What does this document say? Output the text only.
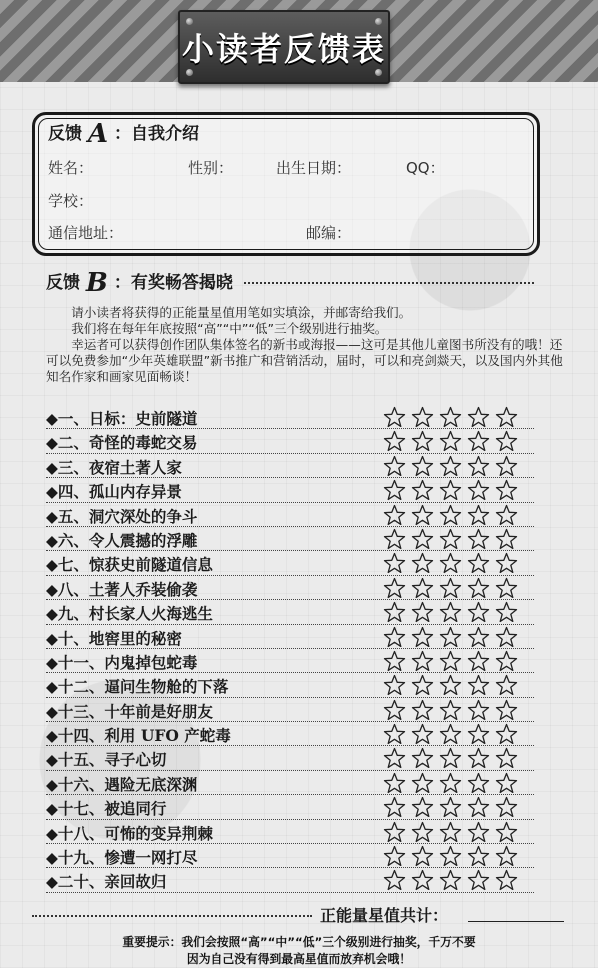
小读者反馈表
反馈 A ：自我介绍
姓名：	性别：	出生日期：	QQ：
学校：
通信地址：	邮编：
反馈 B ：有奖畅答揭晓

请小读者将获得的正能量星值用笔如实填涂，并邮寄给我们。

我们将在每年年底按照“高”“中”“低”三个级别进行抽奖。

幸运者可以获得创作团队集体签名的新书或海报——这可是其他儿童图书所没有的哦！还可以免费参加“少年英雄联盟”新书推广和营销活动，届时，可以和亮剑燚天，以及国内外其他知名作家和画家见面畅谈！

◆一、日标：史前隧道
◆二、奇怪的毒蛇交易
◆三、夜宿土著人家
◆四、孤山内存异景
◆五、洞穴深处的争斗
◆六、令人震撼的浮雕
◆七、惊获史前隧道信息
◆八、土著人乔装偷袭
◆九、村长家人火海逃生
◆十、地窖里的秘密
◆十一、内鬼掉包蛇毒
◆十二、逼问生物舱的下落
◆十三、十年前是好朋友
◆十四、利用 UFO 产蛇毒
◆十五、寻子心切
◆十六、遇险无底深渊
◆十七、被追同行
◆十八、可怖的变异荆棘
◆十九、惨遭一网打尽
◆二十、亲回故归
正能量星值共计：
重要提示：我们会按照“高”“中”“低”三个级别进行抽奖，千万不要
因为自己没有得到最高星值而放弃机会哦！
